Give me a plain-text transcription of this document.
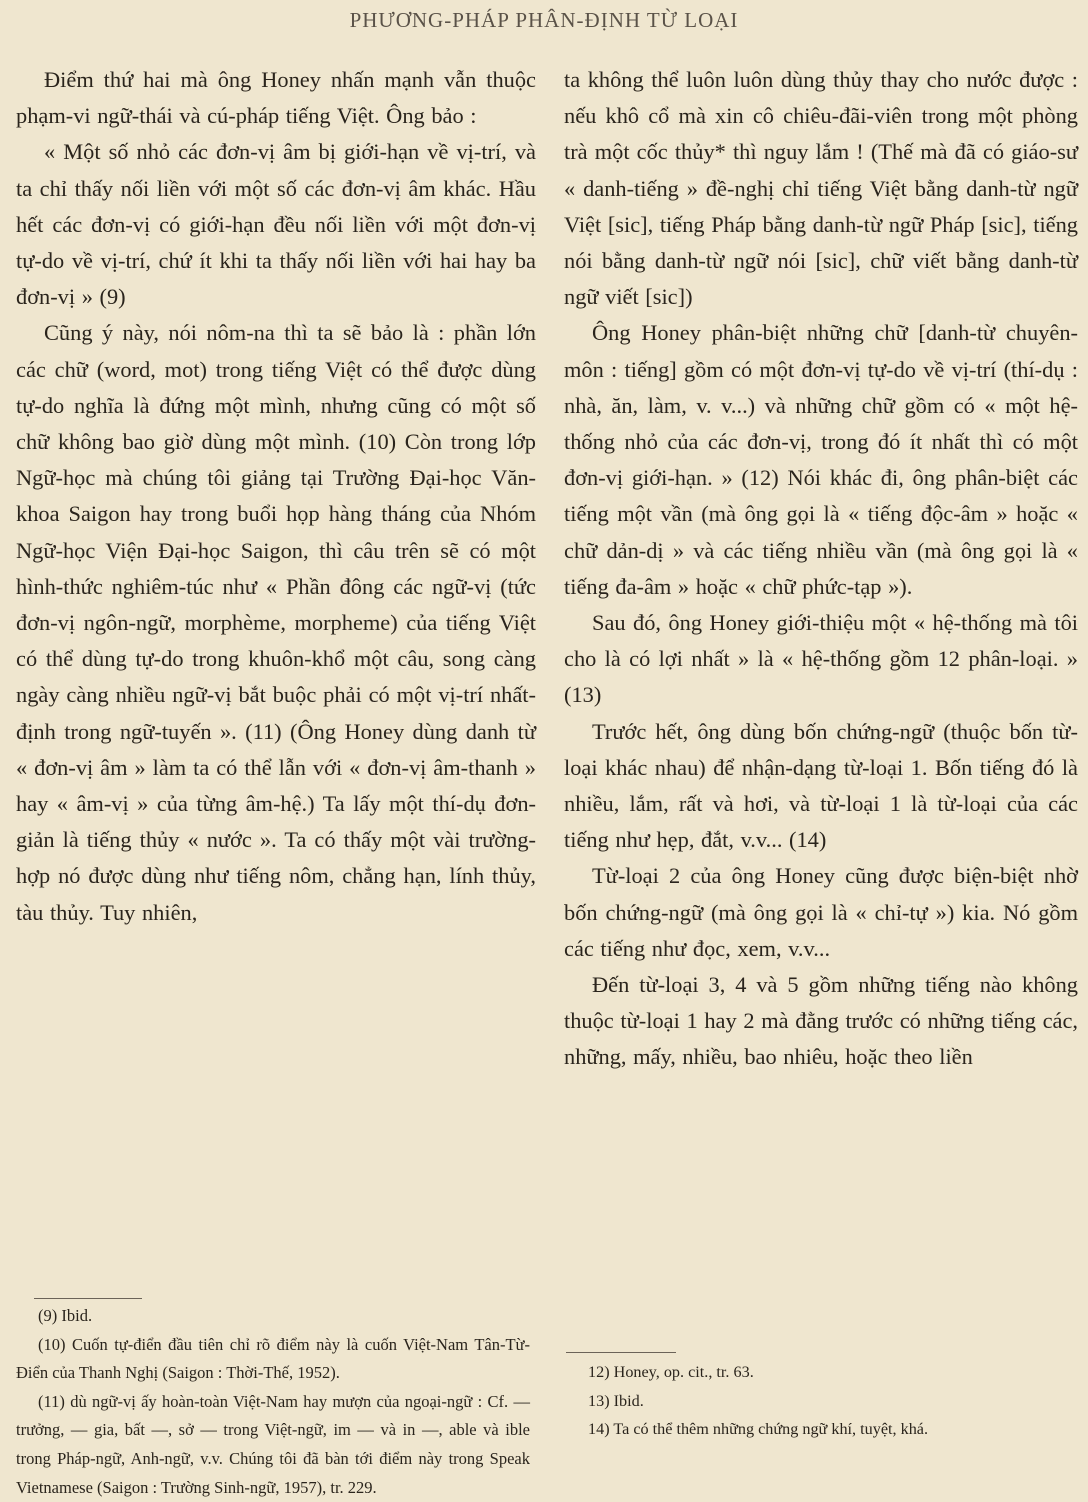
PHƯƠNG-PHÁP PHÂN-ĐỊNH TỪ LOẠI

Điểm thứ hai mà ông Honey nhấn mạnh vẫn thuộc phạm-vi ngữ-thái và cú-pháp tiếng Việt. Ông bảo :

« Một số nhỏ các đơn-vị âm bị giới-hạn về vị-trí, và ta chỉ thấy nối liền với một số các đơn-vị âm khác. Hầu hết các đơn-vị có giới-hạn đều nối liền với một đơn-vị tự-do về vị-trí, chứ ít khi ta thấy nối liền với hai hay ba đơn-vị » (9)

Cũng ý này, nói nôm-na thì ta sẽ bảo là : phần lớn các chữ (word, mot) trong tiếng Việt có thể được dùng tự-do nghĩa là đứng một mình, nhưng cũng có một số chữ không bao giờ dùng một mình. (10) Còn trong lớp Ngữ-học mà chúng tôi giảng tại Trường Đại-học Văn-khoa Saigon hay trong buổi họp hàng tháng của Nhóm Ngữ-học Viện Đại-học Saigon, thì câu trên sẽ có một hình-thức nghiêm-túc như « Phần đông các ngữ-vị (tức đơn-vị ngôn-ngữ, morphème, morpheme) của tiếng Việt có thể dùng tự-do trong khuôn-khổ một câu, song càng ngày càng nhiều ngữ-vị bắt buộc phải có một vị-trí nhất-định trong ngữ-tuyến ». (11) (Ông Honey dùng danh từ « đơn-vị âm » làm ta có thể lẫn với « đơn-vị âm-thanh » hay « âm-vị » của từng âm-hệ.) Ta lấy một thí-dụ đơn-giản là tiếng thủy « nước ». Ta có thấy một vài trường-hợp nó được dùng như tiếng nôm, chẳng hạn, lính thủy, tàu thủy. Tuy nhiên,

(9) Ibid.

(10) Cuốn tự-điển đầu tiên chỉ rõ điểm này là cuốn Việt-Nam Tân-Từ-Điển của Thanh Nghị (Saigon : Thời-Thế, 1952).

(11) dù ngữ-vị ấy hoàn-toàn Việt-Nam hay mượn của ngoại-ngữ : Cf. — trưởng, — gia, bất —, sở — trong Việt-ngữ, im — và in —, able và ible trong Pháp-ngữ, Anh-ngữ, v.v. Chúng tôi đã bàn tới điểm này trong Speak Vietnamese (Saigon : Trường Sinh-ngữ, 1957), tr. 229.

ta không thể luôn luôn dùng thủy thay cho nước được : nếu khô cổ mà xin cô chiêu-đãi-viên trong một phòng trà một cốc thủy* thì nguy lắm ! (Thế mà đã có giáo-sư « danh-tiếng » đề-nghị chỉ tiếng Việt bằng danh-từ ngữ Việt [sic], tiếng Pháp bằng danh-từ ngữ Pháp [sic], tiếng nói bằng danh-từ ngữ nói [sic], chữ viết bằng danh-từ ngữ viết [sic])

Ông Honey phân-biệt những chữ [danh-từ chuyên-môn : tiếng] gồm có một đơn-vị tự-do về vị-trí (thí-dụ : nhà, ăn, làm, v. v...) và những chữ gồm có « một hệ-thống nhỏ của các đơn-vị, trong đó ít nhất thì có một đơn-vị giới-hạn. » (12) Nói khác đi, ông phân-biệt các tiếng một vần (mà ông gọi là « tiếng độc-âm » hoặc « chữ dản-dị » và các tiếng nhiều vần (mà ông gọi là « tiếng đa-âm » hoặc « chữ phức-tạp »).

Sau đó, ông Honey giới-thiệu một « hệ-thống mà tôi cho là có lợi nhất » là « hệ-thống gồm 12 phân-loại. » (13)

Trước hết, ông dùng bốn chứng-ngữ (thuộc bốn từ-loại khác nhau) để nhận-dạng từ-loại 1. Bốn tiếng đó là nhiều, lắm, rất và hơi, và từ-loại 1 là từ-loại của các tiếng như hẹp, đắt, v.v... (14)

Từ-loại 2 của ông Honey cũng được biện-biệt nhờ bốn chứng-ngữ (mà ông gọi là « chỉ-tự ») kia. Nó gồm các tiếng như đọc, xem, v.v...

Đến từ-loại 3, 4 và 5 gồm những tiếng nào không thuộc từ-loại 1 hay 2 mà đằng trước có những tiếng các, những, mấy, nhiều, bao nhiêu, hoặc theo liền

12) Honey, op. cit., tr. 63.

13) Ibid.

14) Ta có thể thêm những chứng ngữ khí, tuyệt, khá.
